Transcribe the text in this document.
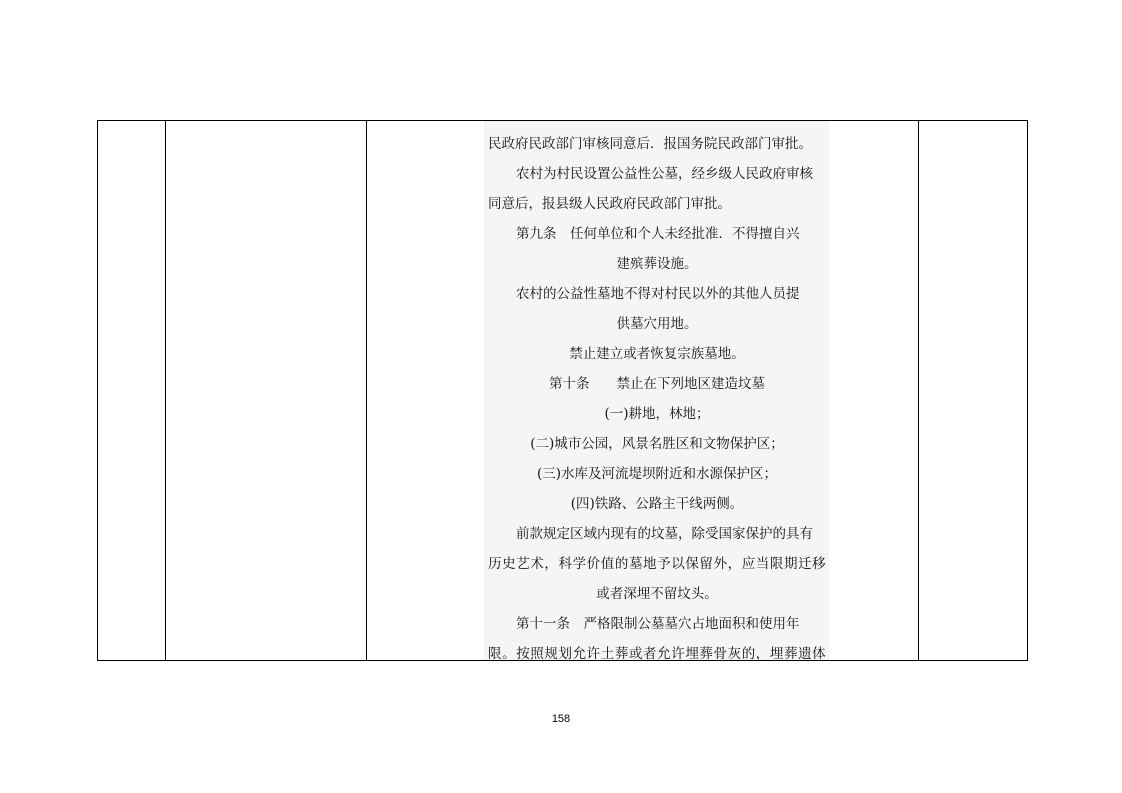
民政府民政部门审核同意后．报国务院民政部门审批。
农村为村民设置公益性公墓，经乡级人民政府审核
同意后，报县级人民政府民政部门审批。
第九条　任何单位和个人未经批准．不得擅自兴
建殡葬设施。
农村的公益性墓地不得对村民以外的其他人员提
供墓穴用地。
禁止建立或者恢复宗族墓地。
第十条　　禁止在下列地区建造坟墓
(一)耕地，林地；
(二)城市公园，风景名胜区和文物保护区；
(三)水库及河流堤坝附近和水源保护区；
(四)铁路、公路主干线两侧。
前款规定区域内现有的坟墓，除受国家保护的具有
历 史 艺 术 ， 科 学 价 值 的 墓 地 予 以 保 留 外 ， 应 当 限 期 迁 移
或者深埋不留坟头。
第十一条　严格限制公墓墓穴占地面积和使用年
限 。 按 照 规 划 允 许 土 葬 或 者 允 许 埋 葬 骨 灰 的 ， 埋 葬 遗 体
158
